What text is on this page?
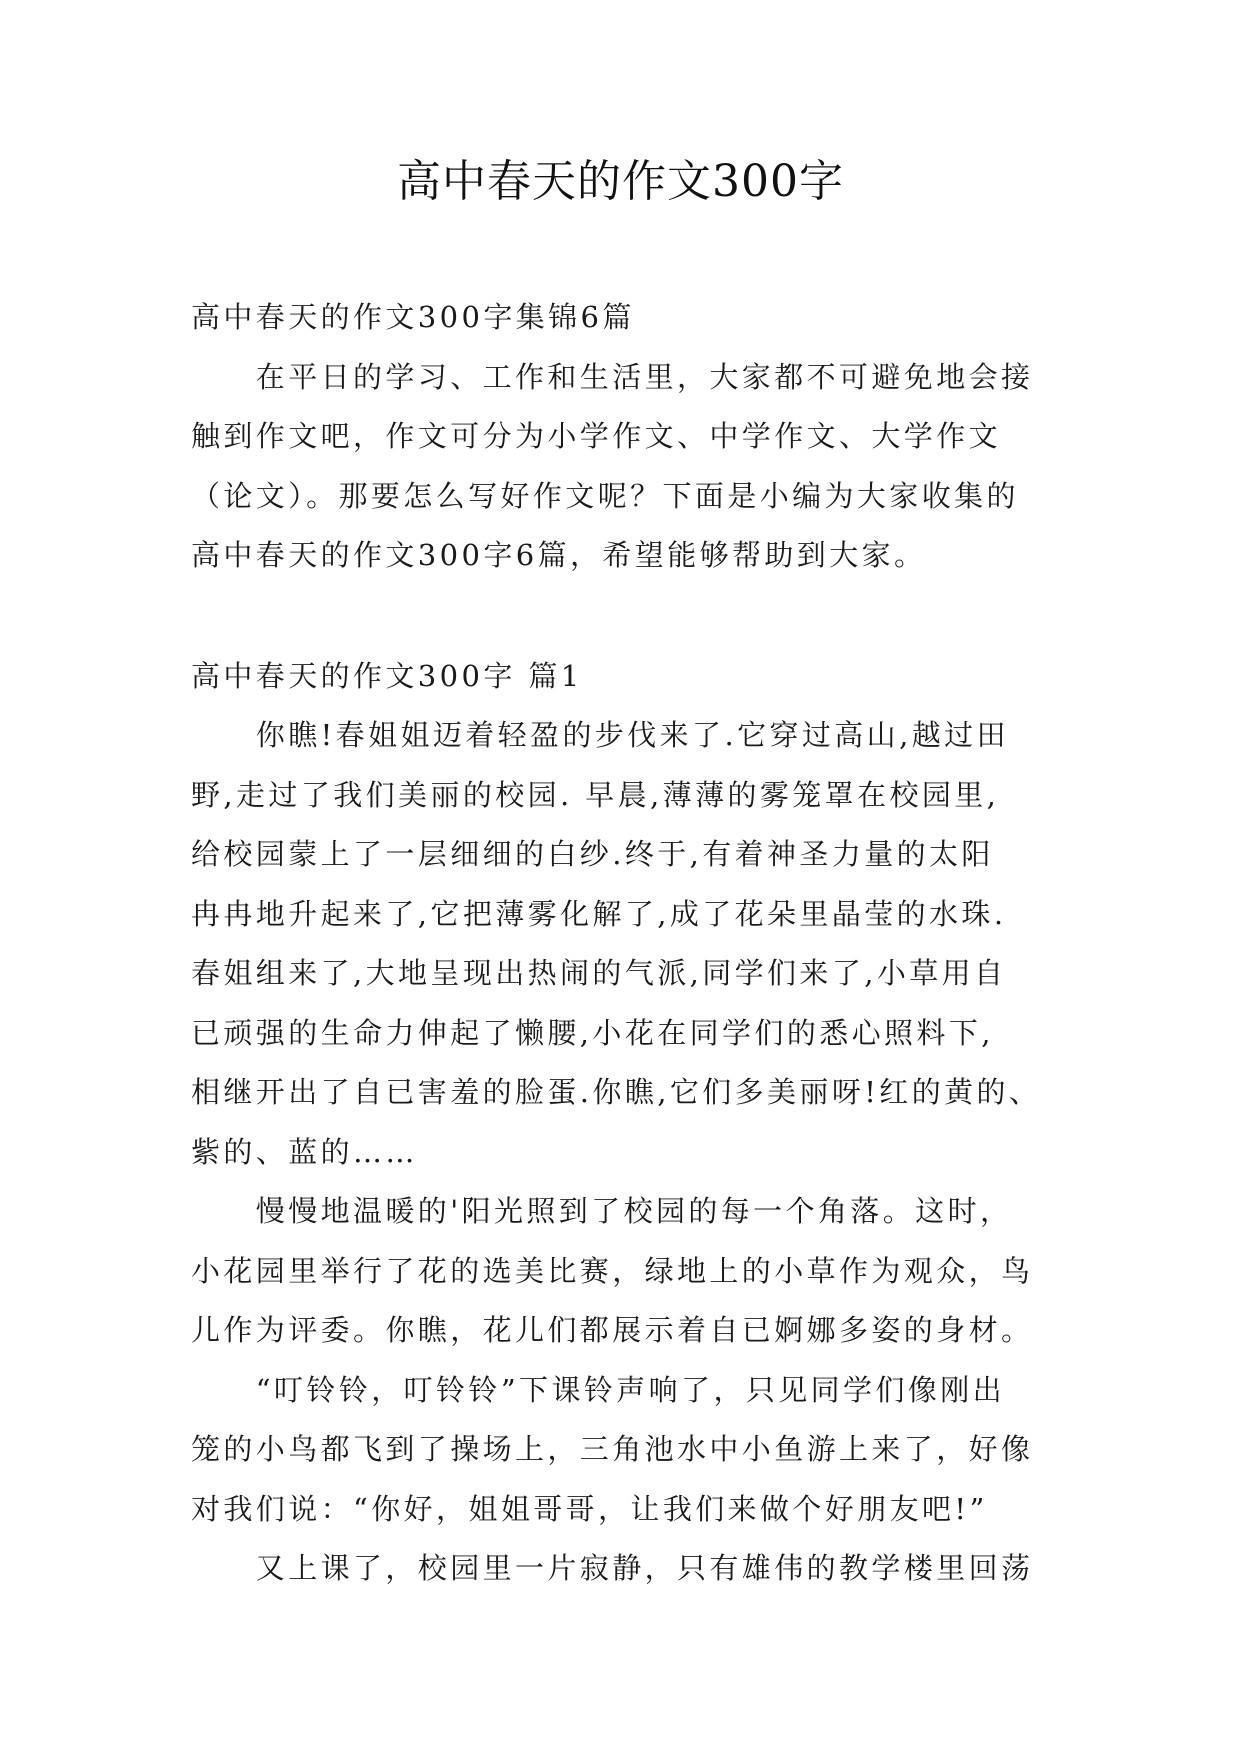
高中春天的作文300字
高中春天的作文300字集锦6篇
　　在平日的学习、工作和生活里，大家都不可避免地会接
触到作文吧，作文可分为小学作文、中学作文、大学作文
（论文）。那要怎么写好作文呢？下面是小编为大家收集的
高中春天的作文300字6篇，希望能够帮助到大家。
高中春天的作文300字 篇1
　　你瞧!春姐姐迈着轻盈的步伐来了.它穿过高山,越过田
野,走过了我们美丽的校园. 早晨,薄薄的雾笼罩在校园里,
给校园蒙上了一层细细的白纱.终于,有着神圣力量的太阳
冉冉地升起来了,它把薄雾化解了,成了花朵里晶莹的水珠.
春姐组来了,大地呈现出热闹的气派,同学们来了,小草用自
已顽强的生命力伸起了懒腰,小花在同学们的悉心照料下,
相继开出了自已害羞的脸蛋.你瞧,它们多美丽呀!红的黄的、
紫的、蓝的……
　　慢慢地温暖的'阳光照到了校园的每一个角落。这时，
小花园里举行了花的选美比赛，绿地上的小草作为观众，鸟
儿作为评委。你瞧，花儿们都展示着自已婀娜多姿的身材。
　　“叮铃铃，叮铃铃”下课铃声响了，只见同学们像刚出
笼的小鸟都飞到了操场上，三角池水中小鱼游上来了，好像
对我们说：“你好，姐姐哥哥，让我们来做个好朋友吧!”
　　又上课了，校园里一片寂静，只有雄伟的教学楼里回荡
